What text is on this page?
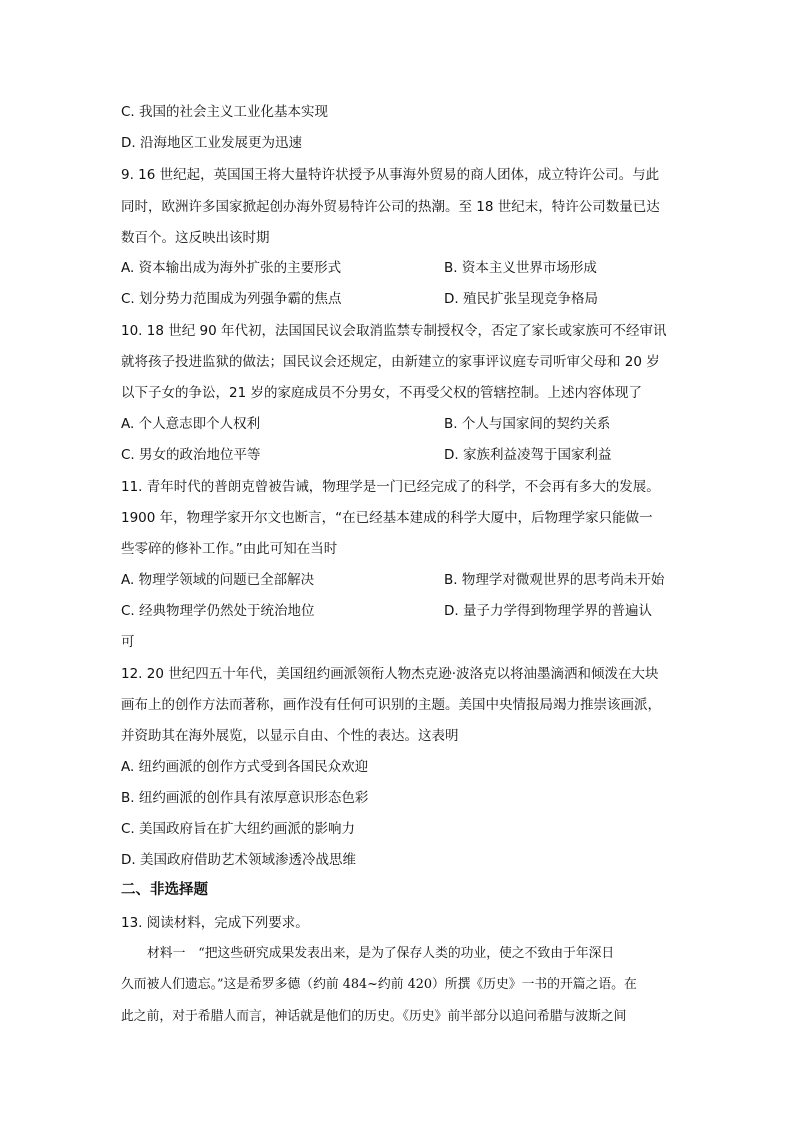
C. 我国的社会主义工业化基本实现
D. 沿海地区工业发展更为迅速
9. 16 世纪起，英国国王将大量特许状授予从事海外贸易的商人团体，成立特许公司。与此
同时，欧洲许多国家掀起创办海外贸易特许公司的热潮。至 18 世纪末，特许公司数量已达
数百个。这反映出该时期
A. 资本输出成为海外扩张的主要形式	B. 资本主义世界市场形成
C. 划分势力范围成为列强争霸的焦点	D. 殖民扩张呈现竞争格局
10. 18 世纪 90 年代初，法国国民议会取消监禁专制授权令，否定了家长或家族可不经审讯
就将孩子投进监狱的做法；国民议会还规定，由新建立的家事评议庭专司听审父母和 20 岁
以下子女的争讼，21 岁的家庭成员不分男女，不再受父权的管辖控制。上述内容体现了
A. 个人意志即个人权利	B. 个人与国家间的契约关系
C. 男女的政治地位平等	D. 家族利益凌驾于国家利益
11. 青年时代的普朗克曾被告诫，物理学是一门已经完成了的科学，不会再有多大的发展。
1900 年，物理学家开尔文也断言，“在已经基本建成的科学大厦中，后物理学家只能做一
些零碎的修补工作。”由此可知在当时
A. 物理学领域的问题已全部解决	B. 物理学对微观世界的思考尚未开始
C. 经典物理学仍然处于统治地位	D. 量子力学得到物理学界的普遍认
可
12. 20 世纪四五十年代，美国纽约画派领衔人物杰克逊·波洛克以将油墨滴洒和倾泼在大块
画布上的创作方法而著称，画作没有任何可识别的主题。美国中央情报局竭力推崇该画派，
并资助其在海外展览，以显示自由、个性的表达。这表明
A. 纽约画派的创作方式受到各国民众欢迎
B. 纽约画派的创作具有浓厚意识形态色彩
C. 美国政府旨在扩大纽约画派的影响力
D. 美国政府借助艺术领域渗透冷战思维
二、非选择题
13. 阅读材料，完成下列要求。
材料一　“把这些研究成果发表出来，是为了保存人类的功业，使之不致由于年深日
久而被人们遗忘。”这是希罗多德（约前 484~约前 420）所撰《历史》一书的开篇之语。在
此之前，对于希腊人而言，神话就是他们的历史。《历史》前半部分以追问希腊与波斯之间
